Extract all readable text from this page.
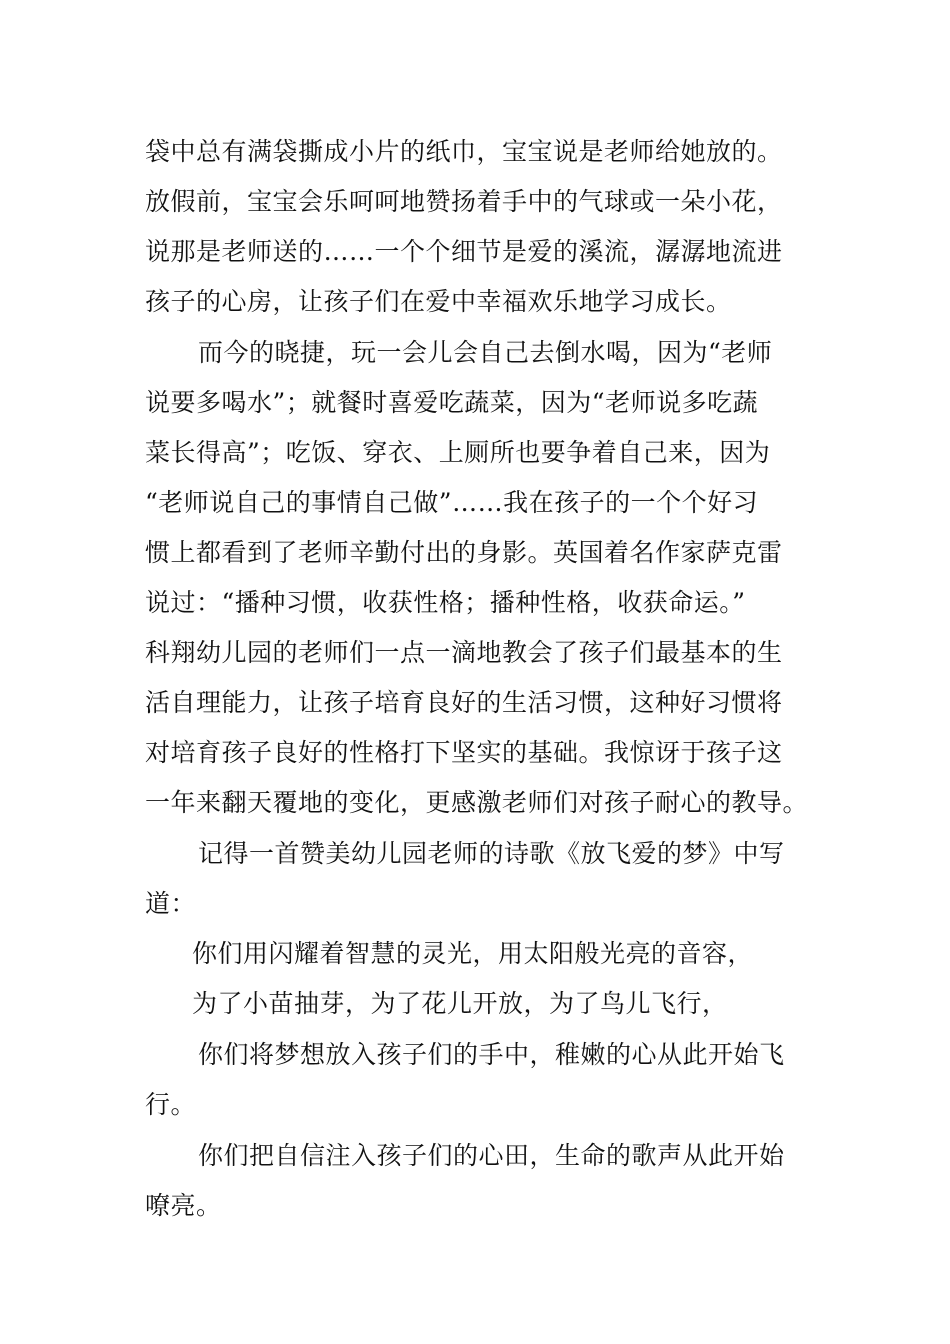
袋中总有满袋撕成小片的纸巾，宝宝说是老师给她放的。
放假前，宝宝会乐呵呵地赞扬着手中的气球或一朵小花，
说那是老师送的……一个个细节是爱的溪流，潺潺地流进
孩子的心房，让孩子们在爱中幸福欢乐地学习成长。
而今的晓捷，玩一会儿会自己去倒水喝，因为“老师
说要多喝水”；就餐时喜爱吃蔬菜，因为“老师说多吃蔬
菜长得高”；吃饭、穿衣、上厕所也要争着自己来，因为
“老师说自己的事情自己做”……我在孩子的一个个好习
惯上都看到了老师辛勤付出的身影。英国着名作家萨克雷
说过：“播种习惯，收获性格；播种性格，收获命运。”
科翔幼儿园的老师们一点一滴地教会了孩子们最基本的生
活自理能力，让孩子培育良好的生活习惯，这种好习惯将
对培育孩子良好的性格打下坚实的基础。我惊讶于孩子这
一年来翻天覆地的变化，更感激老师们对孩子耐心的教导。
记得一首赞美幼儿园老师的诗歌《放飞爱的梦》中写
道：
你们用闪耀着智慧的灵光，用太阳般光亮的音容，
为了小苗抽芽，为了花儿开放，为了鸟儿飞行，
你们将梦想放入孩子们的手中，稚嫩的心从此开始飞
行。
你们把自信注入孩子们的心田，生命的歌声从此开始
嘹亮。
